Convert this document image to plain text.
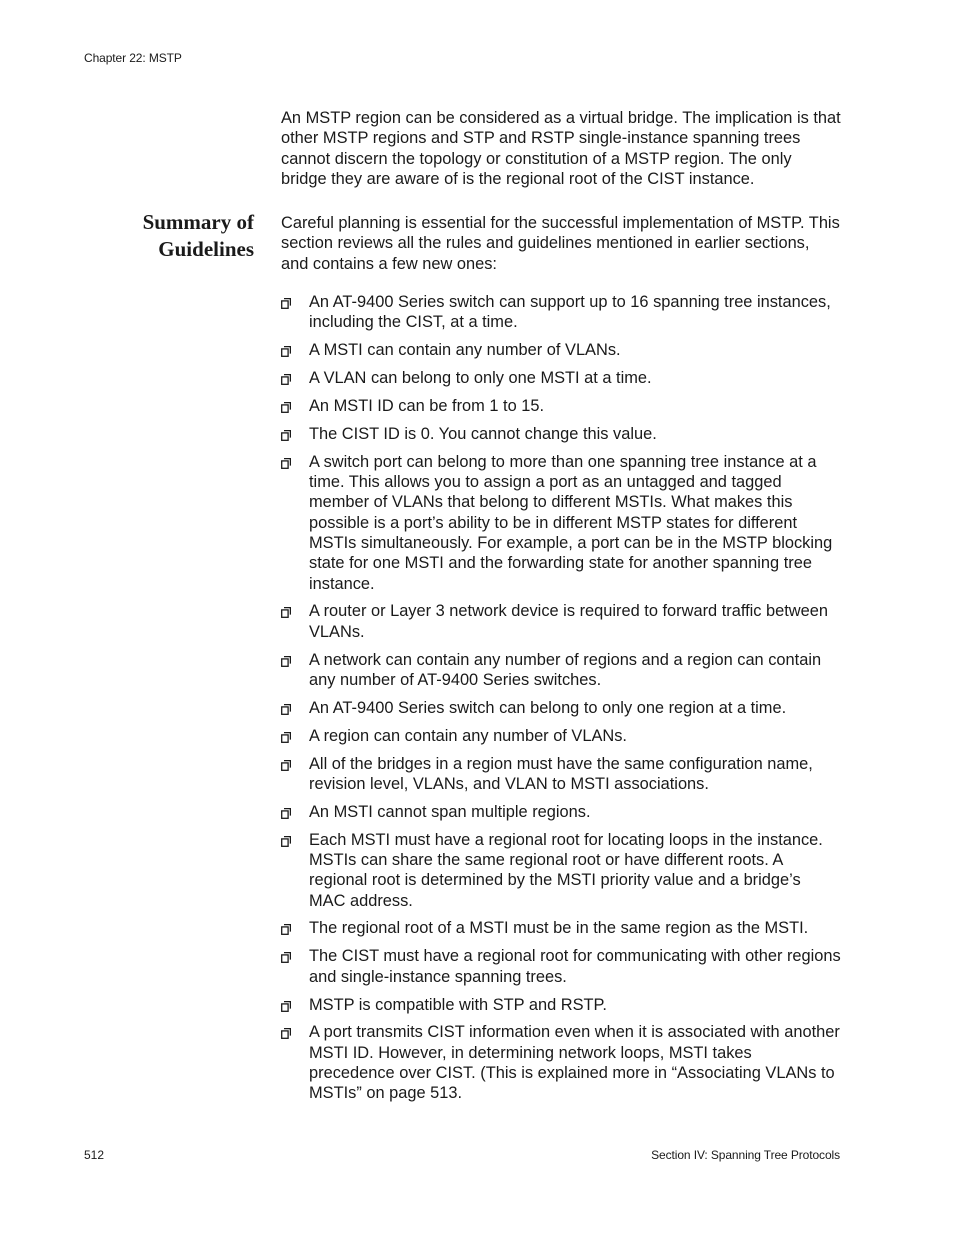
Chapter 22: MSTP

An MSTP region can be considered as a virtual bridge. The implication is that other MSTP regions and STP and RSTP single-instance spanning trees cannot discern the topology or constitution of a MSTP region. The only bridge they are aware of is the regional root of the CIST instance.

Summary of
Guidelines

Careful planning is essential for the successful implementation of MSTP. This section reviews all the rules and guidelines mentioned in earlier sections, and contains a few new ones:

An AT-9400 Series switch can support up to 16 spanning tree instances, including the CIST, at a time.
A MSTI can contain any number of VLANs.
A VLAN can belong to only one MSTI at a time.
An MSTI ID can be from 1 to 15.
The CIST ID is 0. You cannot change this value.
A switch port can belong to more than one spanning tree instance at a time. This allows you to assign a port as an untagged and tagged member of VLANs that belong to different MSTIs. What makes this possible is a port’s ability to be in different MSTP states for different MSTIs simultaneously. For example, a port can be in the MSTP blocking state for one MSTI and the forwarding state for another spanning tree instance.
A router or Layer 3 network device is required to forward traffic between VLANs.
A network can contain any number of regions and a region can contain any number of AT-9400 Series switches.
An AT-9400 Series switch can belong to only one region at a time.
A region can contain any number of VLANs.
All of the bridges in a region must have the same configuration name, revision level, VLANs, and VLAN to MSTI associations.
An MSTI cannot span multiple regions.
Each MSTI must have a regional root for locating loops in the instance. MSTIs can share the same regional root or have different roots. A regional root is determined by the MSTI priority value and a bridge’s MAC address.
The regional root of a MSTI must be in the same region as the MSTI.
The CIST must have a regional root for communicating with other regions and single-instance spanning trees.
MSTP is compatible with STP and RSTP.
A port transmits CIST information even when it is associated with another MSTI ID. However, in determining network loops, MSTI takes precedence over CIST. (This is explained more in “Associating VLANs to MSTIs” on page 513.
512	Section IV: Spanning Tree Protocols
